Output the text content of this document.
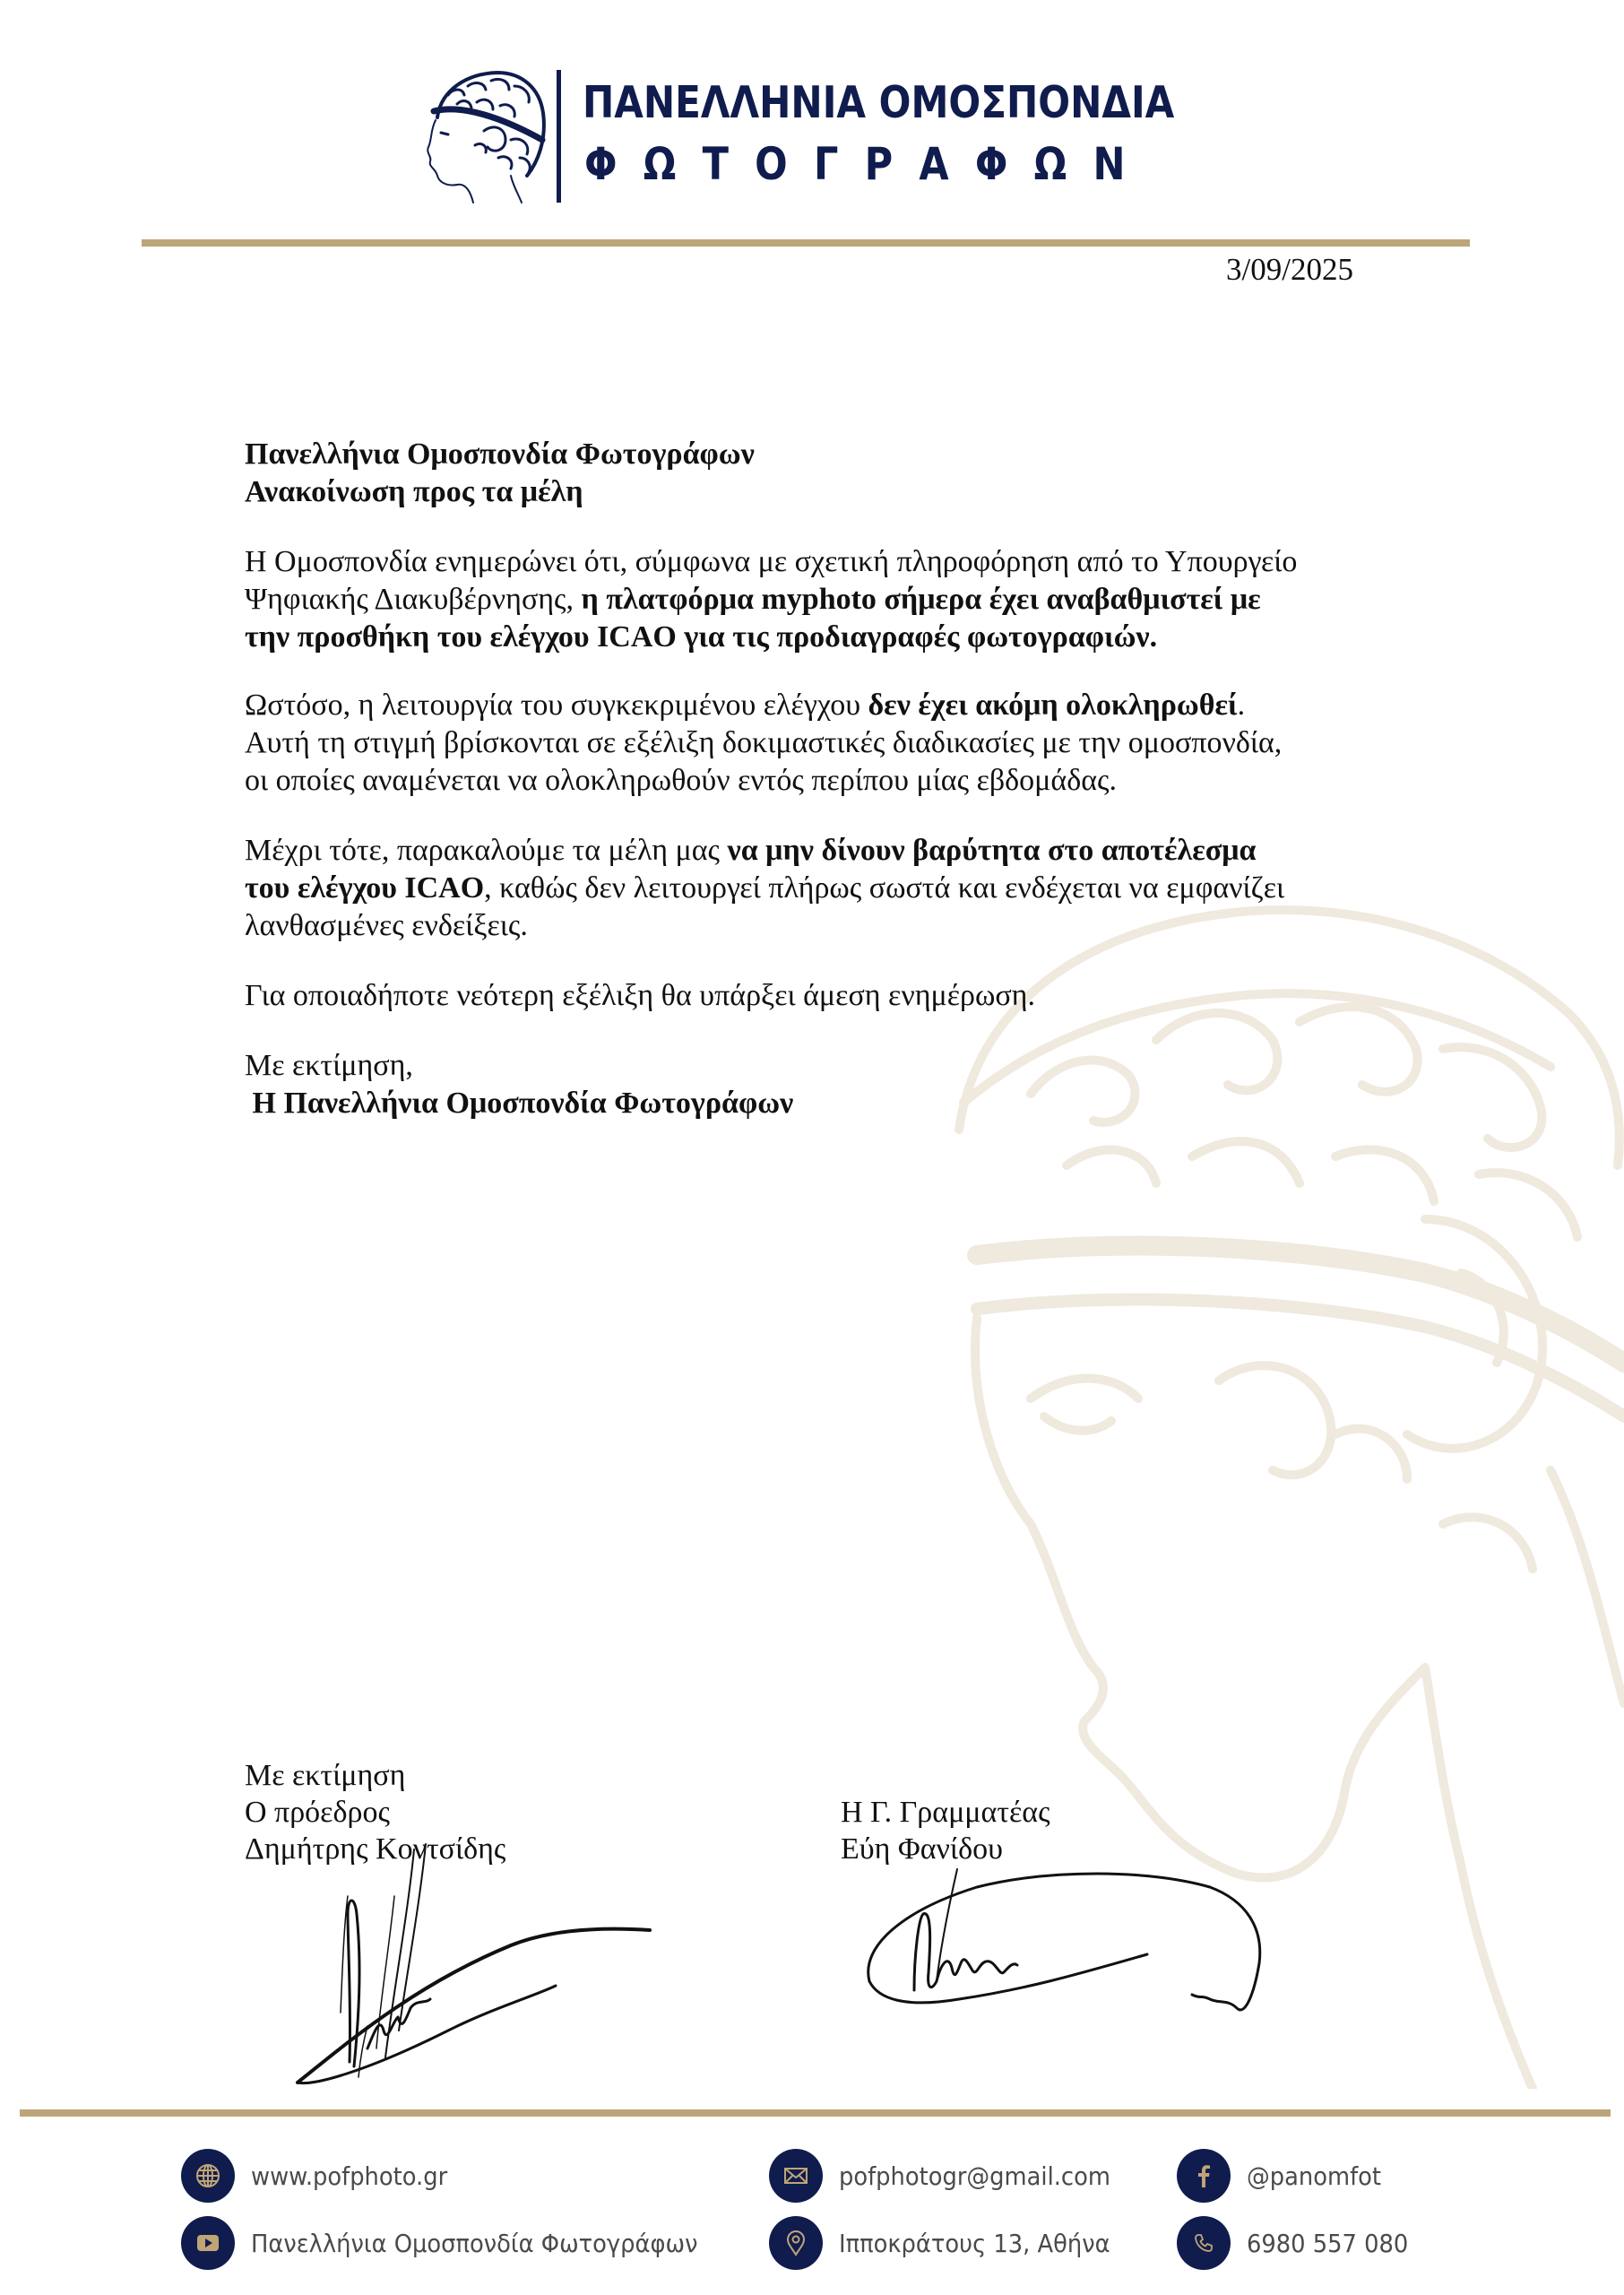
ΠΑΝΕΛΛΗΝΙΑ ΟΜΟΣΠΟΝΔΙΑ
ΦΩΤΟΓΡΑΦΩΝ
3/09/2025
Πανελλήνια Ομοσπονδία Φωτογράφων
Ανακοίνωση προς τα μέλη
Η Ομοσπονδία ενημερώνει ότι, σύμφωνα με σχετική πληροφόρηση από το Υπουργείο
Ψηφιακής Διακυβέρνησης, η πλατφόρμα myphoto σήμερα έχει αναβαθμιστεί με
την προσθήκη του ελέγχου ICAO για τις προδιαγραφές φωτογραφιών.
Ωστόσο, η λειτουργία του συγκεκριμένου ελέγχου δεν έχει ακόμη ολοκληρωθεί.
Αυτή τη στιγμή βρίσκονται σε εξέλιξη δοκιμαστικές διαδικασίες με την ομοσπονδία,
οι οποίες αναμένεται να ολοκληρωθούν εντός περίπου μίας εβδομάδας.
Μέχρι τότε, παρακαλούμε τα μέλη μας να μην δίνουν βαρύτητα στο αποτέλεσμα
του ελέγχου ICAO, καθώς δεν λειτουργεί πλήρως σωστά και ενδέχεται να εμφανίζει
λανθασμένες ενδείξεις.
Για οποιαδήποτε νεότερη εξέλιξη θα υπάρξει άμεση ενημέρωση.
Με εκτίμηση,
Η Πανελλήνια Ομοσπονδία Φωτογράφων
Με εκτίμηση
Ο πρόεδρος
Δημήτρης Κοντσίδης
Η Γ. Γραμματέας
Εύη Φανίδου
www.pofphoto.gr
Πανελλήνια Ομοσπονδία Φωτογράφων
pofphotogr@gmail.com
Ιπποκράτους 13, Αθήνα
@panomfot
6980 557 080
